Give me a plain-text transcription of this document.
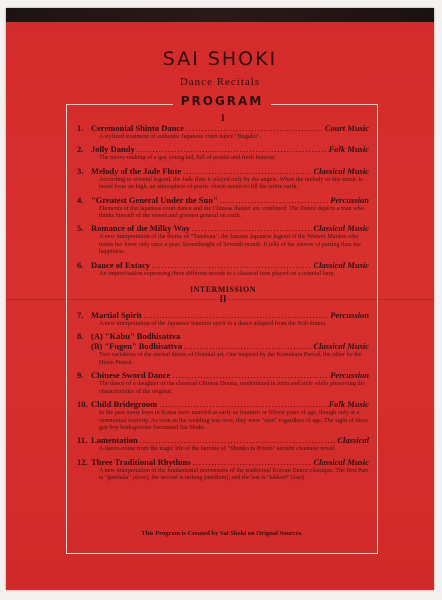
SAI SHOKI
Dance Recitals
PROGRAM

I

1. Ceremonial Shinto Dance .....	Court Music
A stylized treatment of authentic Japanese court dance "Bugaku".
2. Jolly Dandy .....	Folk Music
The merry-making of a gay young lad, full of pranks and fresh humour.
3. Melody of the Jade Flute .....	Classical Music
According to oriental legend, the Jade flute is played only by the angels. When the melody of this music is heard from on high, an atmosphere of poetic charm seems to fill the entire earth.
4. "Greatest General Under the Sun" .....	Percussion
Elements of the Japanese court dance and the Chinese theater are combined. The Dance depicts a man who thinks himself of the wisest and greatest general on earth.
5. Romance of the Milky Way .....	Classical Music
A new interpretation of the theme of "Tanabata", the famous Japanese legend of the Weaver Maiden who meets her lover only once a year, Seventhnight of Seventh month. It tells of the sorrow of parting than the happiness.
6. Dance of Extacy .....	Classical Music
An improvisation expressing three different moods to a classical tune played on a oriental harp.

INTERMISSION

II

7. Martial Spirit .....	Percussion
A new interpretation of the Japanese Samurai spirit in a dance adapted from the Noh drama.
8. (A) "Kabu" Bodhisattva
(B) "Fugen" Bodhisattva .....	Classical Music
Two variations of the eternal theme of Oriental art. One inspired by the Kamakura Period, the other by the Heian Period.
9. Chinese Sword Dance .....	Percussion
The dance of a daughter of the classical Chinese Drama, modernized in form and style while preserving the characteristics of the original.
10. Child Bridegroom .....	Folk Music
In the past many boys in Korea were married as early as fourteen or fifteen years of age, though only at a ceremonial festivity. As soon as the wedding was over, they were "men" regardless of age. The sight of these gay boy bridegrooms fascinated Sai Shoki.
11. Lamentation .....	Classical
A dance-mime from the tragic life of the heroine of "Shunko in Prison" ancient chuanese novel.
12. Three Traditional Rhythms .....	Classical Music
A new interpretation of the fundamental movements of the traditional Korean Dance classique. The first Part is "ginnhale" (slow), the second is tarlung (medium), and the last is "takkori" (fast).
This Program is Created by Sai Shoki on Orignal Sources.
